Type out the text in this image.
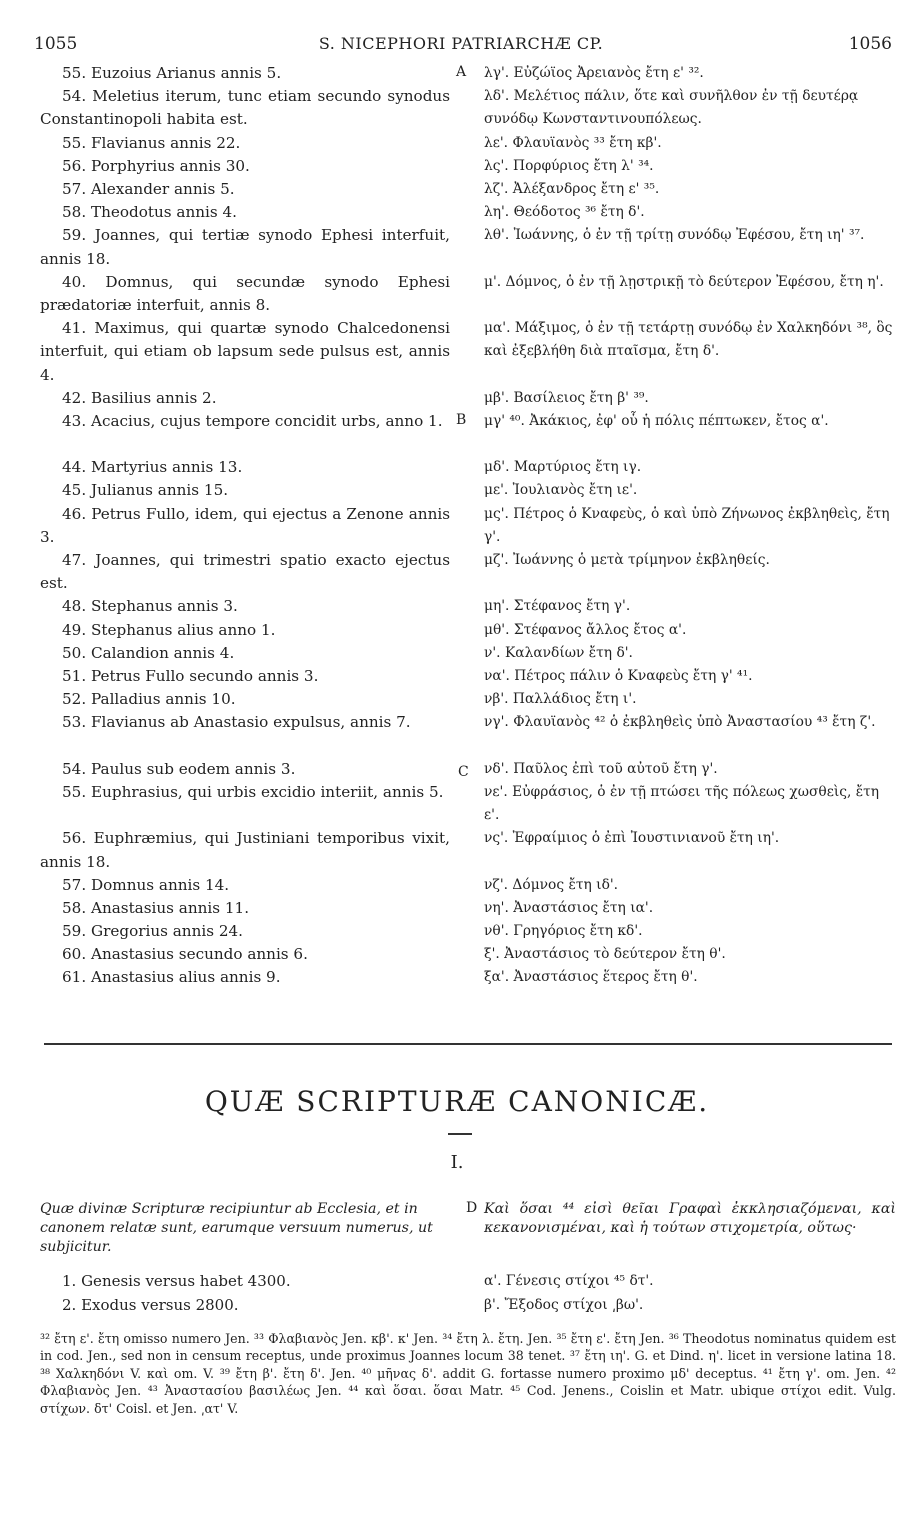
1055	S. NICEPHORI PATRIARCHÆ CP.	1056
55. Euzoius Arianus annis 5.
54. Meletius iterum, tunc etiam secundo synodus Constantinopoli habita est.
55. Flavianus annis 22.
56. Porphyrius annis 30.
57. Alexander annis 5.
58. Theodotus annis 4.
59. Joannes, qui tertiæ synodo Ephesi interfuit, annis 18.
40. Domnus, qui secundæ synodo Ephesi prædatoriæ interfuit, annis 8.
41. Maximus, qui quartæ synodo Chalcedonensi interfuit, qui etiam ob lapsum sede pulsus est, annis 4.
42. Basilius annis 2.
43. Acacius, cujus tempore concidit urbs, anno 1.
44. Martyrius annis 13.
45. Julianus annis 15.
46. Petrus Fullo, idem, qui ejectus a Zenone annis 3.
47. Joannes, qui trimestri spatio exacto ejectus est.
48. Stephanus annis 3.
49. Stephanus alius anno 1.
50. Calandion annis 4.
51. Petrus Fullo secundo annis 3.
52. Palladius annis 10.
53. Flavianus ab Anastasio expulsus, annis 7.
54. Paulus sub eodem annis 3.
55. Euphrasius, qui urbis excidio interiit, annis 5.
56. Euphræmius, qui Justiniani temporibus vixit, annis 18.
57. Domnus annis 14.
58. Anastasius annis 11.
59. Gregorius annis 24.
60. Anastasius secundo annis 6.
61. Anastasius alius annis 9.
λγ'. Εὐζώϊος Ἀρειανὸς ἔτη ε' ³².
λδ'. Μελέτιος πάλιν, ὅτε καὶ συνῆλθον ἐν τῇ δευτέρᾳ συνόδῳ Κωνσταντινουπόλεως.
λε'. Φλαυϊανὸς ³³ ἔτη κβ'.
λς'. Πορφύριος ἔτη λ' ³⁴.
λζ'. Ἀλέξανδρος ἔτη ε' ³⁵.
λη'. Θεόδοτος ³⁶ ἔτη δ'.
λθ'. Ἰωάννης, ὁ ἐν τῇ τρίτῃ συνόδῳ Ἐφέσου, ἔτη ιη' ³⁷.
μ'. Δόμνος, ὁ ἐν τῇ λῃστρικῇ τὸ δεύτερον Ἐφέσου, ἔτη η'.
μα'. Μάξιμος, ὁ ἐν τῇ τετάρτῃ συνόδῳ ἐν Χαλκηδόνι ³⁸, ὃς καὶ ἐξεβλήθη διὰ πταῖσμα, ἔτη δ'.
μβ'. Βασίλειος ἔτη β' ³⁹.
μγ' ⁴⁰. Ἀκάκιος, ἐφ' οὗ ἡ πόλις πέπτωκεν, ἔτος α'.
μδ'. Μαρτύριος ἔτη ιγ.
με'. Ἰουλιανὸς ἔτη ιε'.
μς'. Πέτρος ὁ Κναφεὺς, ὁ καὶ ὑπὸ Ζήνωνος ἐκβληθεὶς, ἔτη γ'.
μζ'. Ἰωάννης ὁ μετὰ τρίμηνον ἐκβληθείς.
μη'. Στέφανος ἔτη γ'.
μθ'. Στέφανος ἄλλος ἔτος α'.
ν'. Καλανδίων ἔτη δ'.
να'. Πέτρος πάλιν ὁ Κναφεὺς ἔτη γ' ⁴¹.
νβ'. Παλλάδιος ἔτη ι'.
νγ'. Φλαυϊανὸς ⁴² ὁ ἐκβληθεὶς ὑπὸ Ἀναστασίου ⁴³ ἔτη ζ'.
νδ'. Παῦλος ἐπὶ τοῦ αὐτοῦ ἔτη γ'.
νε'. Εὐφράσιος, ὁ ἐν τῇ πτώσει τῆς πόλεως χωσθεὶς, ἔτη ε'.
νς'. Ἐφραίμιος ὁ ἐπὶ Ἰουστινιανοῦ ἔτη ιη'.
νζ'. Δόμνος ἔτη ιδ'.
νη'. Ἀναστάσιος ἔτη ια'.
νθ'. Γρηγόριος ἔτη κδ'.
ξ'. Ἀναστάσιος τὸ δεύτερον ἔτη θ'.
ξα'. Ἀναστάσιος ἕτερος ἔτη θ'.
A
B
C
D
QUÆ SCRIPTURÆ CANONICÆ.
I.
Quæ divinæ Scripturæ recipiuntur ab Ecclesia, et in canonem relatæ sunt, earumque versuum numerus, ut subjicitur.
Καὶ ὅσαι ⁴⁴ εἰσὶ θεῖαι Γραφαὶ ἐκκλησιαζόμεναι, καὶ κεκανονισμέναι, καὶ ἡ τούτων στιχομετρία, οὕτως·
1. Genesis versus habet 4300.
2. Exodus versus 2800.
α'. Γένεσις στίχοι ⁴⁵ δτ'.
β'. Ἔξοδος στίχοι ͵βω'.
³² ἔτη ε'. ἔτη omisso numero Jen. ³³ Φλαβιανὸς Jen. κβ'. κ' Jen. ³⁴ ἔτη λ. ἔτη. Jen. ³⁵ ἔτη ε'. ἔτη Jen. ³⁶ Theodotus nominatus quidem est in cod. Jen., sed non in censum receptus, unde proximus Joannes locum 38 tenet. ³⁷ ἔτη ιη'. G. et Dind. η'. licet in versione latina 18. ³⁸ Χαλκηδόνι V. καὶ om. V. ³⁹ ἔτη β'. ἔτη δ'. Jen. ⁴⁰ μῆνας δ'. addit G. fortasse numero proximo μδ' deceptus. ⁴¹ ἔτη γ'. om. Jen. ⁴² Φλαβιανὸς Jen. ⁴³ Ἀναστασίου βασιλέως Jen. ⁴⁴ καὶ ὅσαι. ὅσαι Matr. ⁴⁵ Cod. Jenens., Coislin et Matr. ubique στίχοι edit. Vulg. στίχων. δτ' Coisl. et Jen. ͵ατ' V.
